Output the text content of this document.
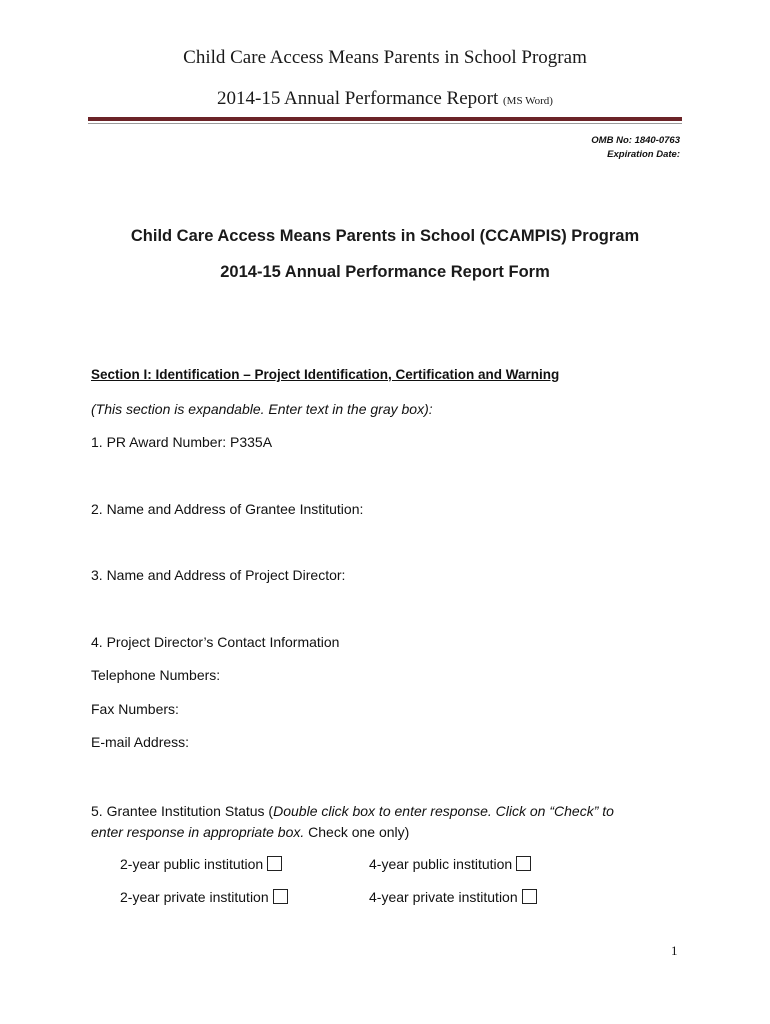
Child Care Access Means Parents in School Program
2014-15 Annual Performance Report (MS Word)
OMB No: 1840-0763
Expiration Date:
Child Care Access Means Parents in School (CCAMPIS) Program
2014-15 Annual Performance Report Form
Section I: Identification – Project Identification, Certification and Warning
(This section is expandable. Enter text in the gray box):
1. PR Award Number: P335A
2. Name and Address of Grantee Institution:
3. Name and Address of Project Director:
4. Project Director’s Contact Information
Telephone Numbers:
Fax Numbers:
E-mail Address:
5. Grantee Institution Status (Double click box to enter response. Click on “Check” to
enter response in appropriate box. Check one only)
2-year public institution	4-year public institution
2-year private institution	4-year private institution
1
